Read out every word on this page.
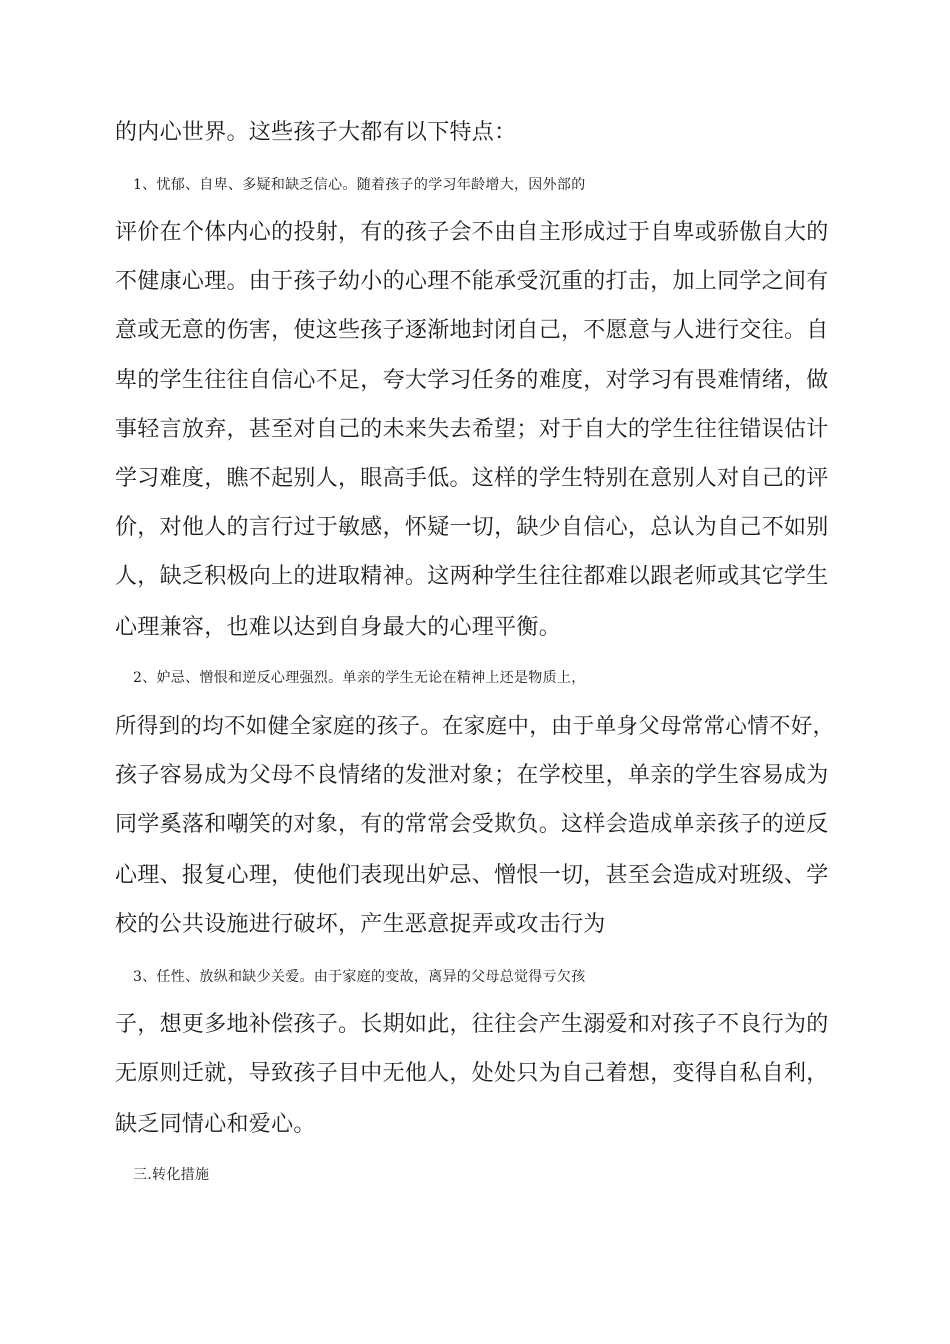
的内心世界。这些孩子大都有以下特点：
1、忧郁、自卑、多疑和缺乏信心。随着孩子的学习年龄增大，因外部的
评价在个体内心的投射，有的孩子会不由自主形成过于自卑或骄傲自大的
不健康心理。由于孩子幼小的心理不能承受沉重的打击，加上同学之间有
意或无意的伤害，使这些孩子逐渐地封闭自己，不愿意与人进行交往。自
卑的学生往往自信心不足，夸大学习任务的难度，对学习有畏难情绪，做
事轻言放弃，甚至对自己的未来失去希望；对于自大的学生往往错误估计
学习难度，瞧不起别人，眼高手低。这样的学生特别在意别人对自己的评
价，对他人的言行过于敏感，怀疑一切，缺少自信心，总认为自己不如别
人，缺乏积极向上的进取精神。这两种学生往往都难以跟老师或其它学生
心理兼容，也难以达到自身最大的心理平衡。
2、妒忌、憎恨和逆反心理强烈。单亲的学生无论在精神上还是物质上，
所得到的均不如健全家庭的孩子。在家庭中，由于单身父母常常心情不好，
孩子容易成为父母不良情绪的发泄对象；在学校里，单亲的学生容易成为
同学奚落和嘲笑的对象，有的常常会受欺负。这样会造成单亲孩子的逆反
心理、报复心理，使他们表现出妒忌、憎恨一切，甚至会造成对班级、学
校的公共设施进行破坏，产生恶意捉弄或攻击行为
3、任性、放纵和缺少关爱。由于家庭的变故，离异的父母总觉得亏欠孩
子，想更多地补偿孩子。长期如此，往往会产生溺爱和对孩子不良行为的
无原则迁就，导致孩子目中无他人，处处只为自己着想，变得自私自利，
缺乏同情心和爱心。
三.转化措施
